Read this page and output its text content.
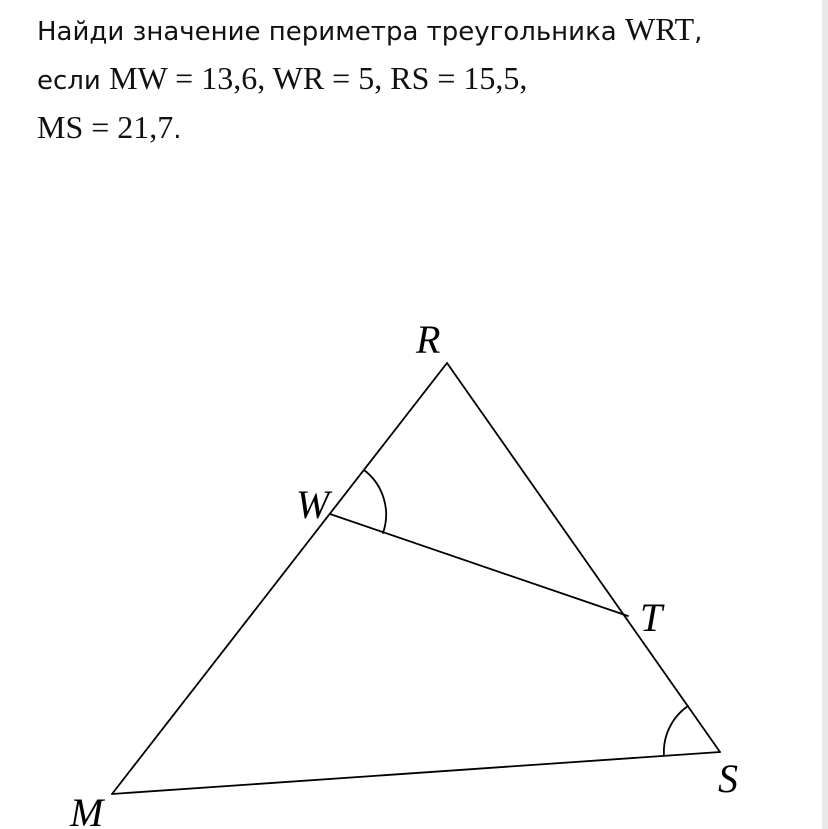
Найди значение периметра треугольника WRT,
если MW = 13,6, WR = 5, RS = 15,5,
MS = 21,7.
R
W
T
S
M
